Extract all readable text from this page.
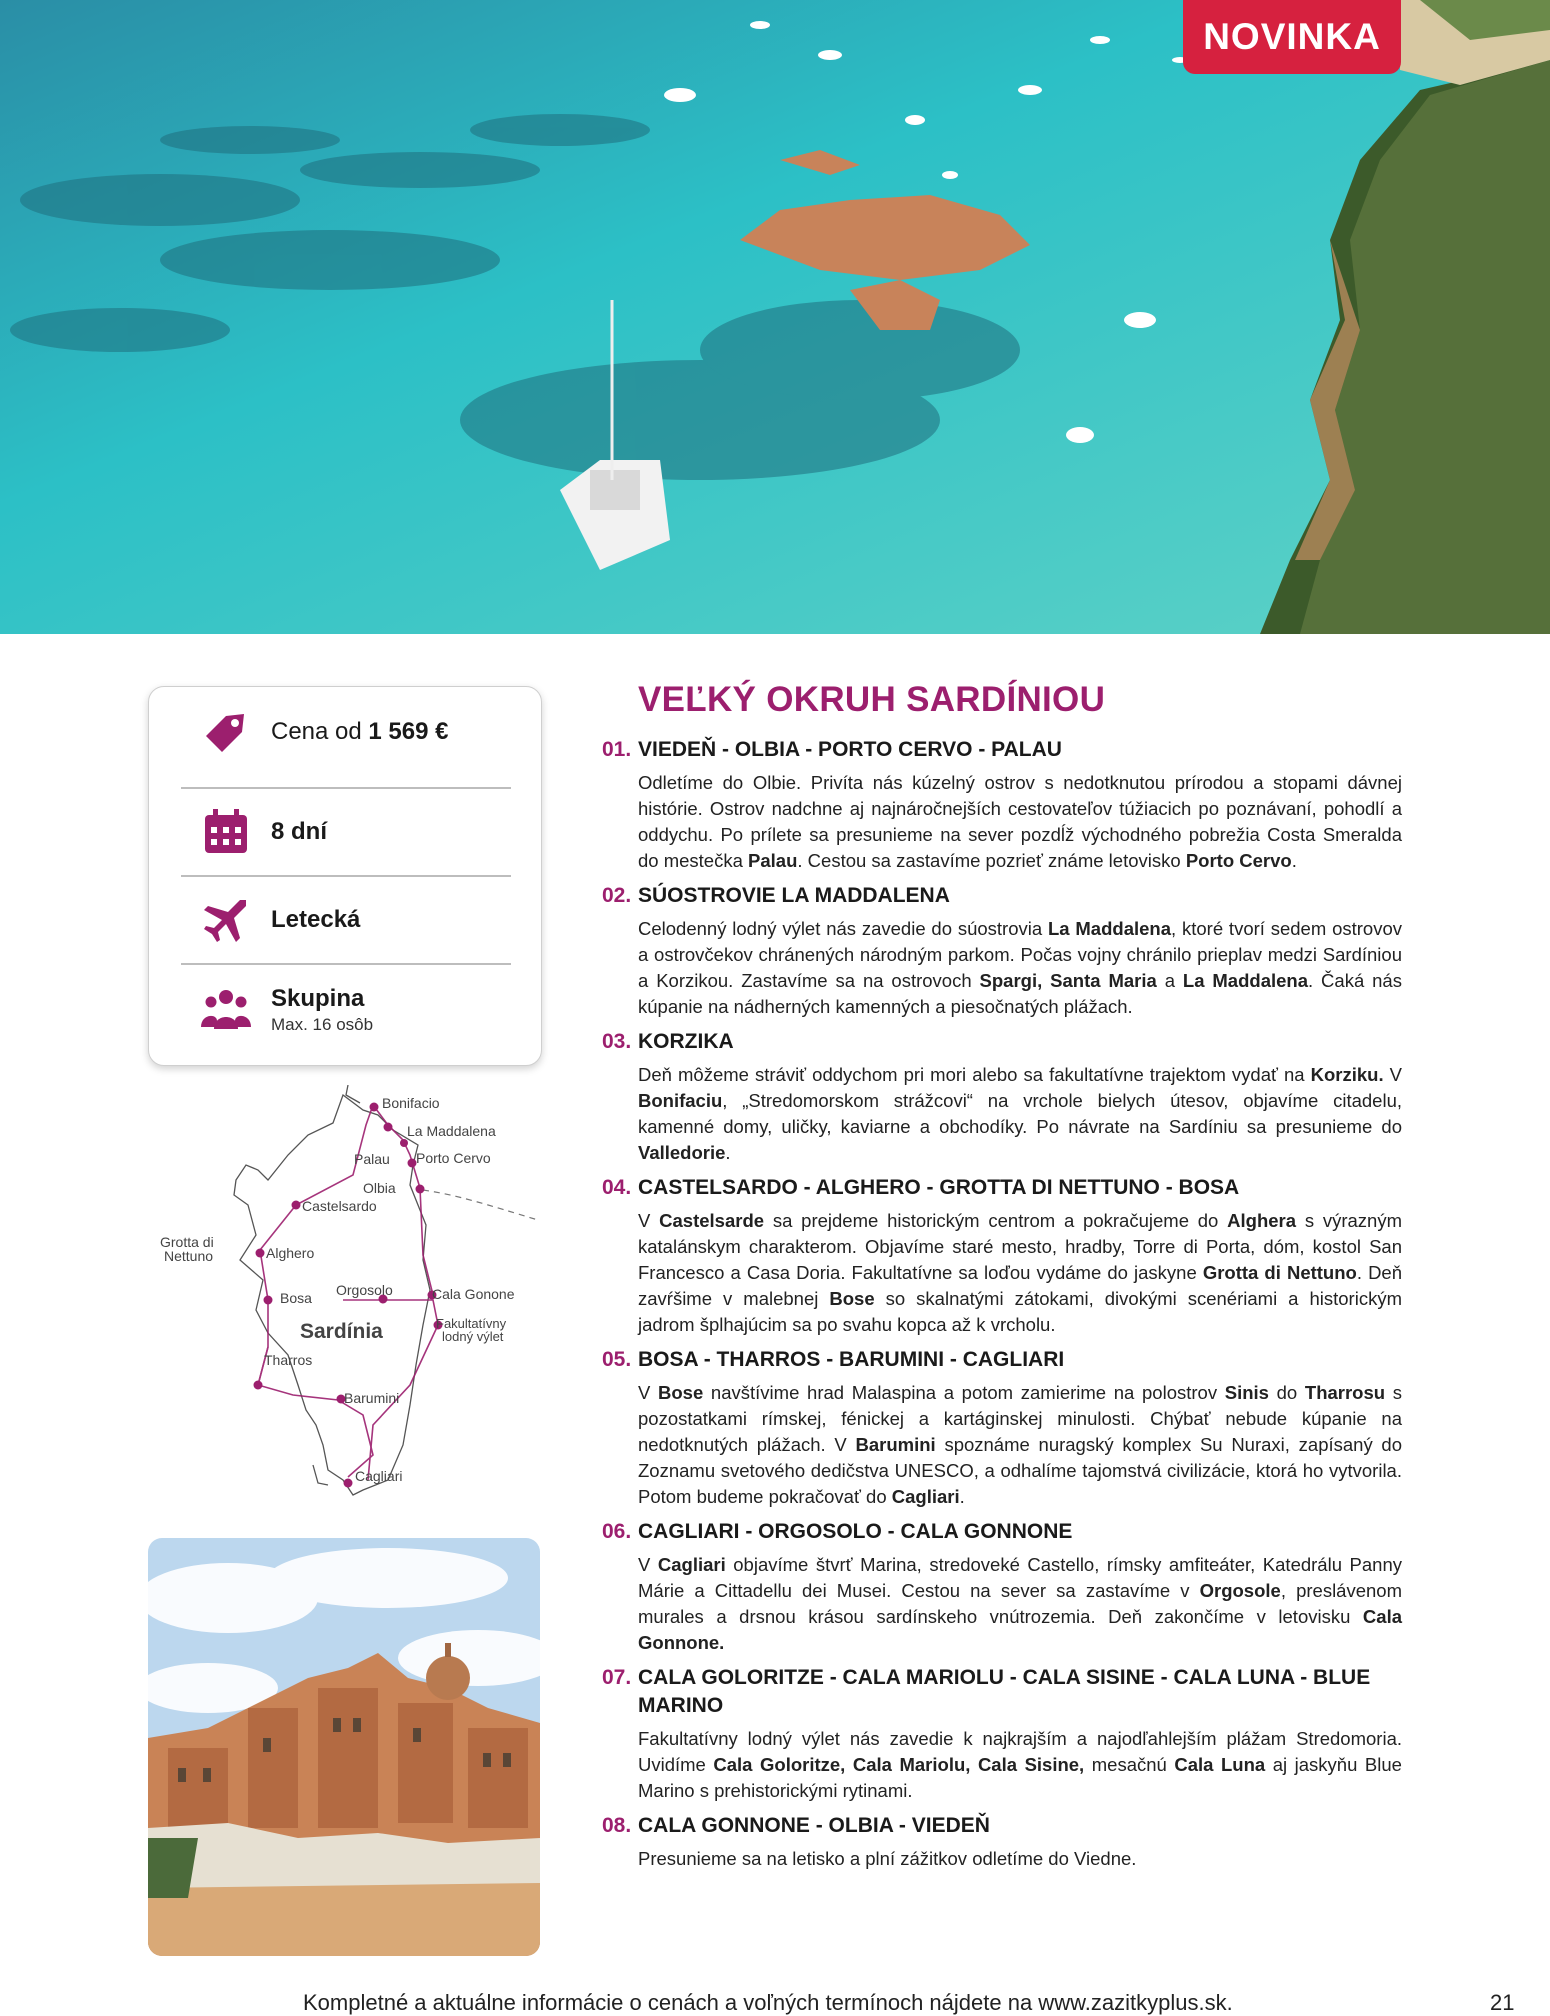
NOVINKA
Cena od 1 569 €
8 dní
Letecká
Skupina
Max. 16 osôb
Bonifacio
La Maddalena
Palau Porto Cervo
Olbia
Castelsardo
Grotta di
Nettuno	Alghero
Bosa Orgosolo	Cala Gonone
Fakultatívny
lodný výlet
Tharros
Barumini
Cagliari
Sardínia
VEĽKÝ OKRUH SARDÍNIOU
01. VIEDEŇ - OLBIA - PORTO CERVO - PALAU
Odletíme do Olbie. Privíta nás kúzelný ostrov s nedotknutou prírodou a stopami dávnej histórie. Ostrov nadchne aj najnáročnejších cestovateľov túžiacich po poznávaní, pohodlí a oddychu. Po prílete sa presunieme na sever pozdĺž východného pobrežia Costa Smeralda do mestečka Palau. Cestou sa zastavíme pozrieť známe letovisko Porto Cervo.
02. SÚOSTROVIE LA MADDALENA
Celodenný lodný výlet nás zavedie do súostrovia La Maddalena, ktoré tvorí sedem ostrovov a ostrovčekov chránených národným parkom. Počas vojny chránilo prieplav medzi Sardíniou a Korzikou. Zastavíme sa na ostrovoch Spargi, Santa Maria a La Maddalena. Čaká nás kúpanie na nádherných kamenných a piesočnatých plážach.
03. KORZIKA
Deň môžeme stráviť oddychom pri mori alebo sa fakultatívne trajektom vydať na Korziku. V Bonifaciu, „Stredomorskom strážcovi“ na vrchole bielych útesov, objavíme citadelu, kamenné domy, uličky, kaviarne a obchodíky. Po návrate na Sardíniu sa presunieme do Valledorie.
04. CASTELSARDO - ALGHERO - GROTTA DI NETTUNO - BOSA
V Castelsarde sa prejdeme historickým centrom a pokračujeme do Alghera s výrazným katalánskym charakterom. Objavíme staré mesto, hradby, Torre di Porta, dóm, kostol San Francesco a Casa Doria. Fakultatívne sa loďou vydáme do jaskyne Grotta di Nettuno. Deň zavŕšime v malebnej Bose so skalnatými zátokami, divokými scenériami a historickým jadrom šplhajúcim sa po svahu kopca až k vrcholu.
05. BOSA - THARROS - BARUMINI - CAGLIARI
V Bose navštívime hrad Malaspina a potom zamierime na polostrov Sinis do Tharrosu s pozostatkami rímskej, fénickej a kartáginskej minulosti. Chýbať nebude kúpanie na nedotknutých plážach. V Barumini spoznáme nuragský komplex Su Nuraxi, zapísaný do Zoznamu svetového dedičstva UNESCO, a odhalíme tajomstvá civilizácie, ktorá ho vytvorila. Potom budeme pokračovať do Cagliari.
06. CAGLIARI - ORGOSOLO - CALA GONNONE
V Cagliari objavíme štvrť Marina, stredoveké Castello, rímsky amfiteáter, Katedrálu Panny Márie a Cittadellu dei Musei. Cestou na sever sa zastavíme v Orgosole, preslávenom murales a drsnou krásou sardínskeho vnútrozemia. Deň zakončíme v letovisku Cala Gonnone.
07. CALA GOLORITZE - CALA MARIOLU - CALA SISINE - CALA LUNA - BLUE MARINO
Fakultatívny lodný výlet nás zavedie k najkrajším a najodľahlejším plážam Stredomoria. Uvidíme Cala Goloritze, Cala Mariolu, Cala Sisine, mesačnú Cala Luna aj jaskyňu Blue Marino s prehistorickými rytinami.
08. CALA GONNONE - OLBIA - VIEDEŇ
Presunieme sa na letisko a plní zážitkov odletíme do Viedne.
Kompletné a aktuálne informácie o cenách a voľných termínoch nájdete na www.zazitkyplus.sk.	21
